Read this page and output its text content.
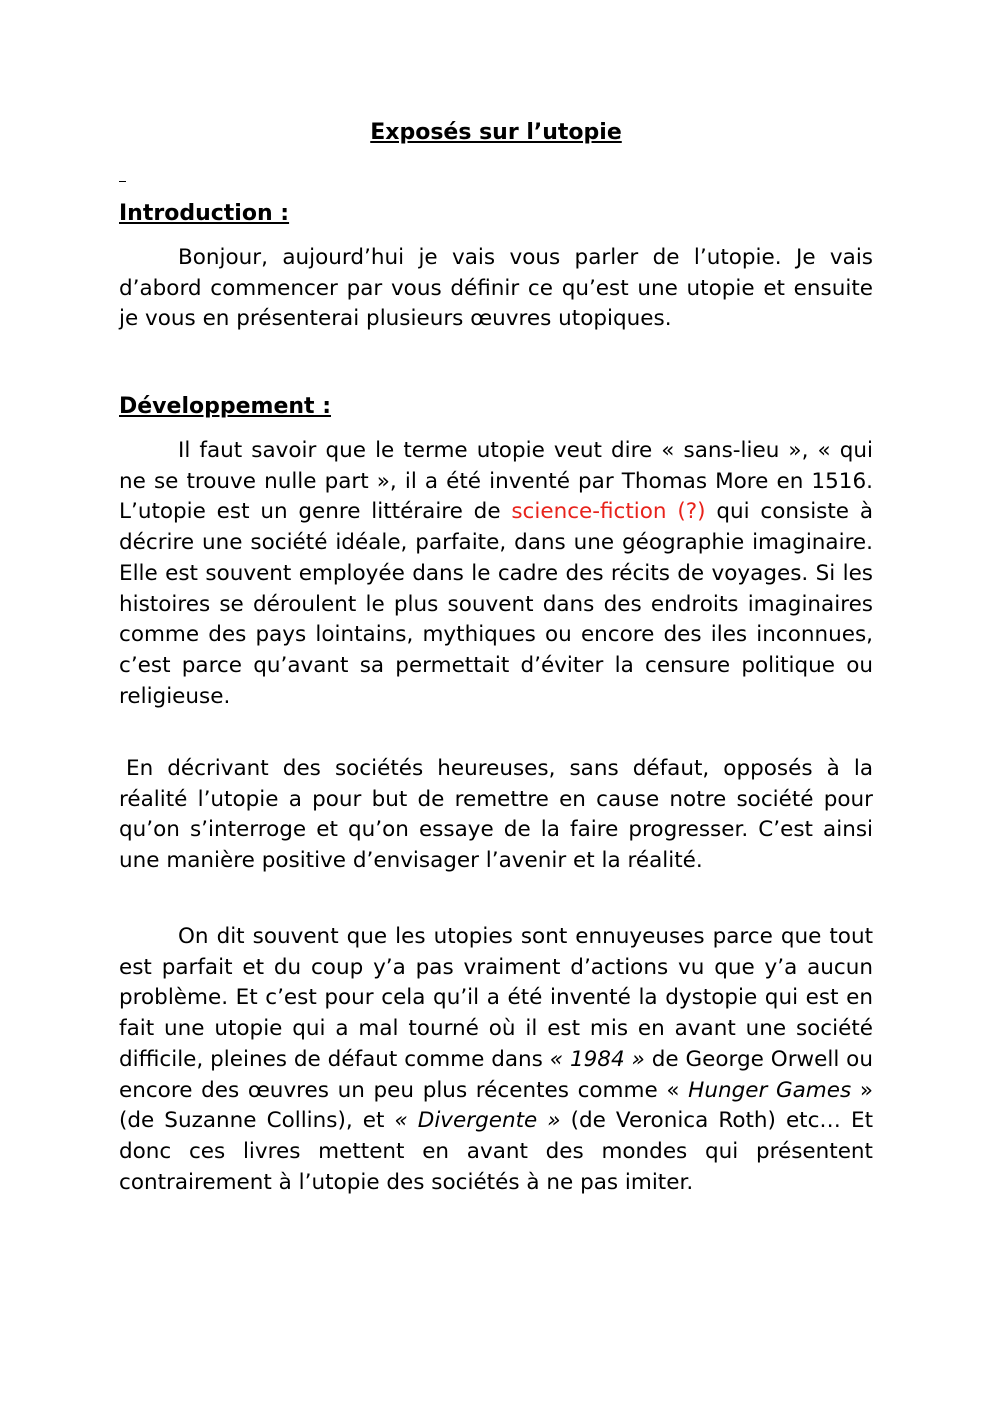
Exposés sur l’utopie
Introduction :

Bonjour, aujourd’hui je vais vous parler de l’utopie. Je vais d’abord commencer par vous définir ce qu’est une utopie et ensuite je vous en présenterai plusieurs œuvres utopiques.

Développement :

Il faut savoir que le terme utopie veut dire « sans-lieu », « qui ne se trouve nulle part », il a été inventé par Thomas More en 1516. L’utopie est un genre littéraire de science-fiction (?) qui consiste à décrire une société idéale, parfaite, dans une géographie imaginaire. Elle est souvent employée dans le cadre des récits de voyages. Si les histoires se déroulent le plus souvent dans des endroits imaginaires comme des pays lointains, mythiques ou encore des iles inconnues, c’est parce qu’avant sa permettait d’éviter la censure politique ou religieuse.

En décrivant des sociétés heureuses, sans défaut, opposés à la réalité l’utopie a pour but de remettre en cause notre société pour qu’on s’interroge et qu’on essaye de la faire progresser. C’est ainsi une manière positive d’envisager l’avenir et la réalité.

On dit souvent que les utopies sont ennuyeuses parce que tout est parfait et du coup y’a pas vraiment d’actions vu que y’a aucun problème. Et c’est pour cela qu’il a été inventé la dystopie qui est en fait une utopie qui a mal tourné où il est mis en avant une société difficile, pleines de défaut comme dans « 1984 » de George Orwell ou encore des œuvres un peu plus récentes comme « Hunger Games » (de Suzanne Collins), et « Divergente » (de Veronica Roth) etc… Et donc ces livres mettent en avant des mondes qui présentent contrairement à l’utopie des sociétés à ne pas imiter.
